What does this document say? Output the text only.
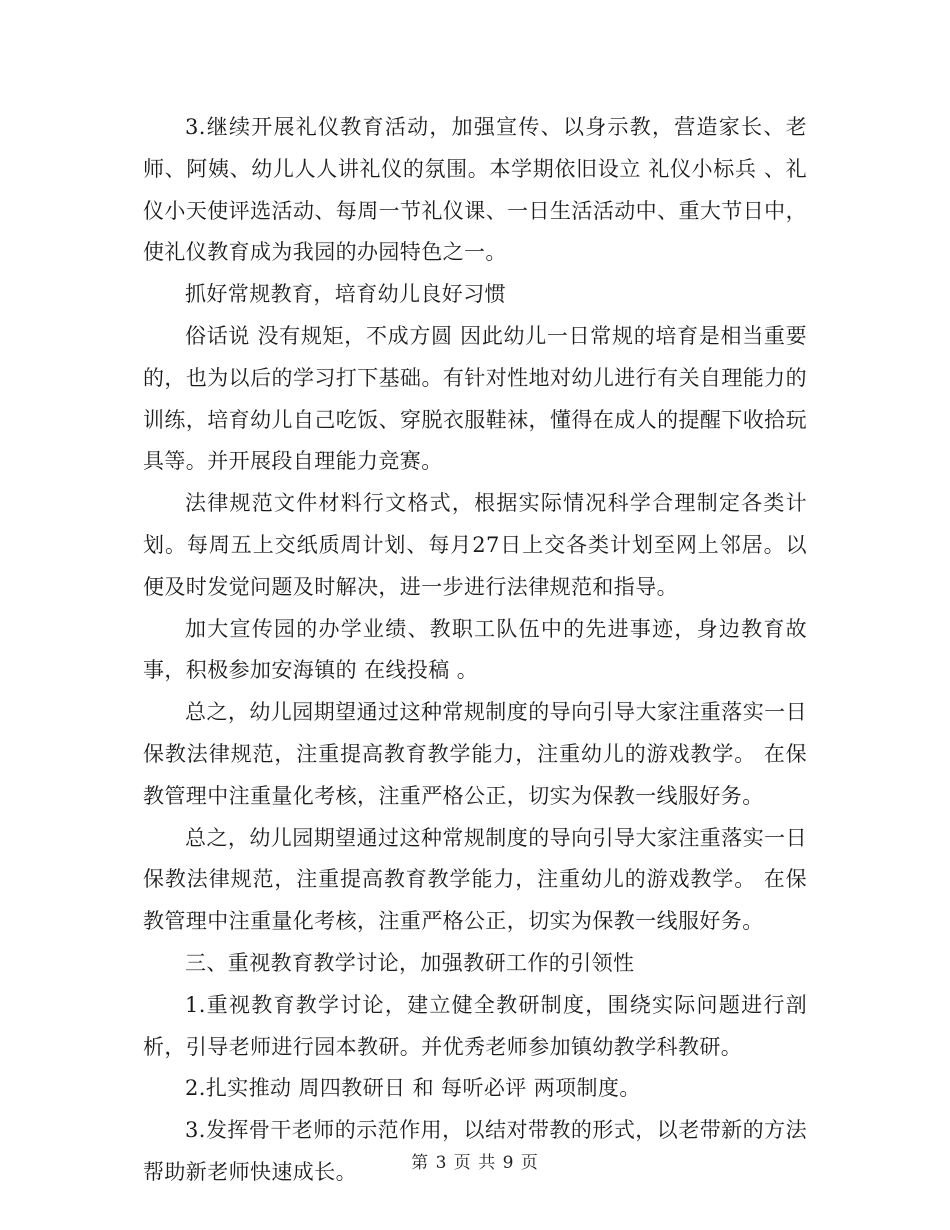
3.继续开展礼仪教育活动，加强宣传、以身示教，营造家长、老师、阿姨、幼儿人人讲礼仪的氛围。本学期依旧设立 礼仪小标兵 、礼仪小天使评选活动、每周一节礼仪课、一日生活活动中、重大节日中，使礼仪教育成为我园的办园特色之一。

抓好常规教育，培育幼儿良好习惯

俗话说 没有规矩，不成方圆 因此幼儿一日常规的培育是相当重要的，也为以后的学习打下基础。有针对性地对幼儿进行有关自理能力的训练，培育幼儿自己吃饭、穿脱衣服鞋袜，懂得在成人的提醒下收拾玩具等。并开展段自理能力竞赛。

法律规范文件材料行文格式，根据实际情况科学合理制定各类计划。每周五上交纸质周计划、每月27日上交各类计划至网上邻居。以便及时发觉问题及时解决，进一步进行法律规范和指导。

加大宣传园的办学业绩、教职工队伍中的先进事迹，身边教育故事，积极参加安海镇的 在线投稿 。

总之，幼儿园期望通过这种常规制度的导向引导大家注重落实一日保教法律规范，注重提高教育教学能力，注重幼儿的游戏教学。 在保教管理中注重量化考核，注重严格公正，切实为保教一线服好务。

总之，幼儿园期望通过这种常规制度的导向引导大家注重落实一日保教法律规范，注重提高教育教学能力，注重幼儿的游戏教学。 在保教管理中注重量化考核，注重严格公正，切实为保教一线服好务。

三、重视教育教学讨论，加强教研工作的引领性

1.重视教育教学讨论，建立健全教研制度，围绕实际问题进行剖析，引导老师进行园本教研。并优秀老师参加镇幼教学科教研。

2.扎实推动 周四教研日 和 每听必评 两项制度。

3.发挥骨干老师的示范作用，以结对带教的形式，以老带新的方法帮助新老师快速成长。	第 3 页 共 9 页
